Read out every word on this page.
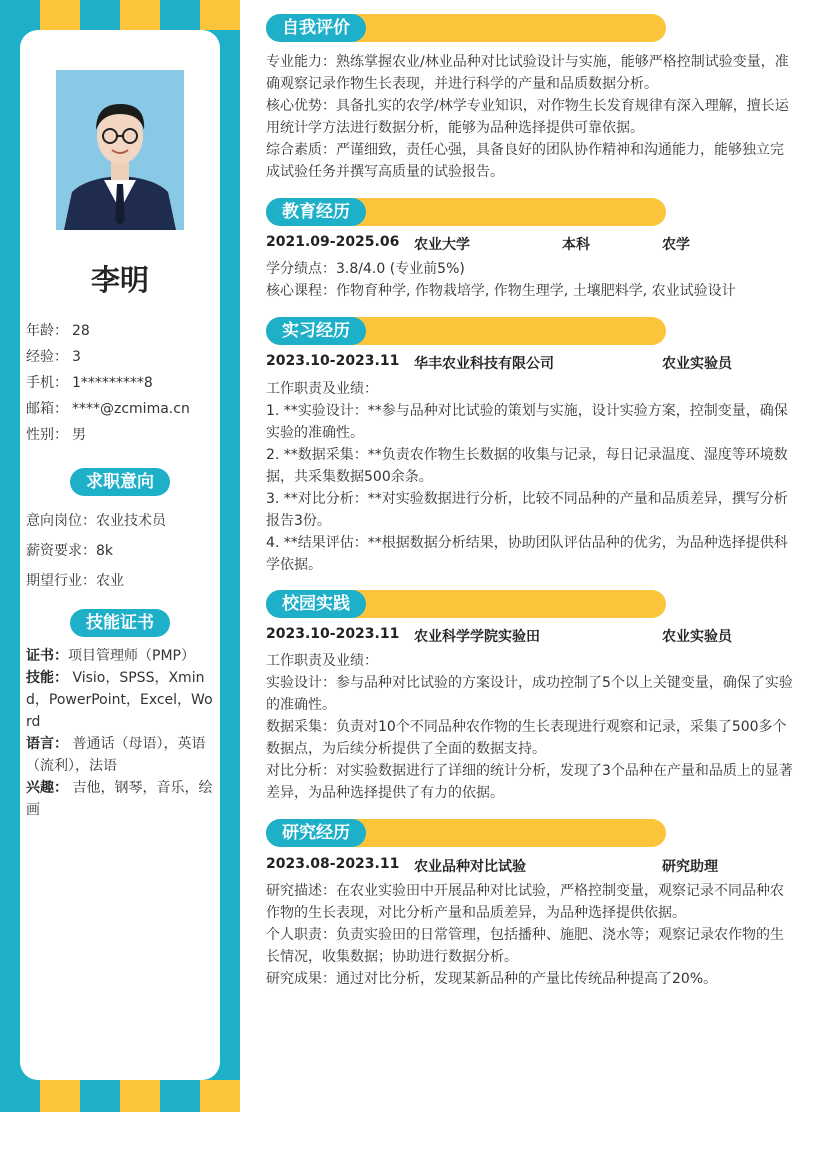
李明
年龄： 28
经验： 3
手机： 1*********8
邮箱： ****@zcmima.cn
性别： 男
求职意向
意向岗位：农业技术员
薪资要求：8k
期望行业：农业
技能证书

证书：项目管理师（PMP）

技能： Visio，SPSS，Xmind，PowerPoint，Excel，Word

语言： 普通话（母语），英语（流利），法语

兴趣： 吉他，钢琴，音乐，绘画

自我评价

专业能力：熟练掌握农业/林业品种对比试验设计与实施，能够严格控制试验变量，准确观察记录作物生长表现，并进行科学的产量和品质数据分析。

核心优势：具备扎实的农学/林学专业知识，对作物生长发育规律有深入理解，擅长运用统计学方法进行数据分析，能够为品种选择提供可靠依据。

综合素质：严谨细致，责任心强，具备良好的团队协作精神和沟通能力，能够独立完成试验任务并撰写高质量的试验报告。

教育经历
2021.09-2025.06 农业大学	本科	农学

学分绩点：3.8/4.0 (专业前5%)

核心课程：作物育种学, 作物栽培学, 作物生理学, 土壤肥料学, 农业试验设计

实习经历
2023.10-2023.11 华丰农业科技有限公司	农业实验员

工作职责及业绩：

1. **实验设计：**参与品种对比试验的策划与实施，设计实验方案，控制变量，确保实验的准确性。

2. **数据采集：**负责农作物生长数据的收集与记录，每日记录温度、湿度等环境数据，共采集数据500余条。

3. **对比分析：**对实验数据进行分析，比较不同品种的产量和品质差异，撰写分析报告3份。

4. **结果评估：**根据数据分析结果，协助团队评估品种的优劣，为品种选择提供科学依据。

校园实践
2023.10-2023.11 农业科学学院实验田	农业实验员

工作职责及业绩：

实验设计：参与品种对比试验的方案设计，成功控制了5个以上关键变量，确保了实验的准确性。

数据采集：负责对10个不同品种农作物的生长表现进行观察和记录，采集了500多个数据点，为后续分析提供了全面的数据支持。

对比分析：对实验数据进行了详细的统计分析，发现了3个品种在产量和品质上的显著差异，为品种选择提供了有力的依据。

研究经历
2023.08-2023.11 农业品种对比试验	研究助理

研究描述：在农业实验田中开展品种对比试验，严格控制变量，观察记录不同品种农作物的生长表现，对比分析产量和品质差异，为品种选择提供依据。

个人职责：负责实验田的日常管理，包括播种、施肥、浇水等；观察记录农作物的生长情况，收集数据；协助进行数据分析。

研究成果：通过对比分析，发现某新品种的产量比传统品种提高了20%。
